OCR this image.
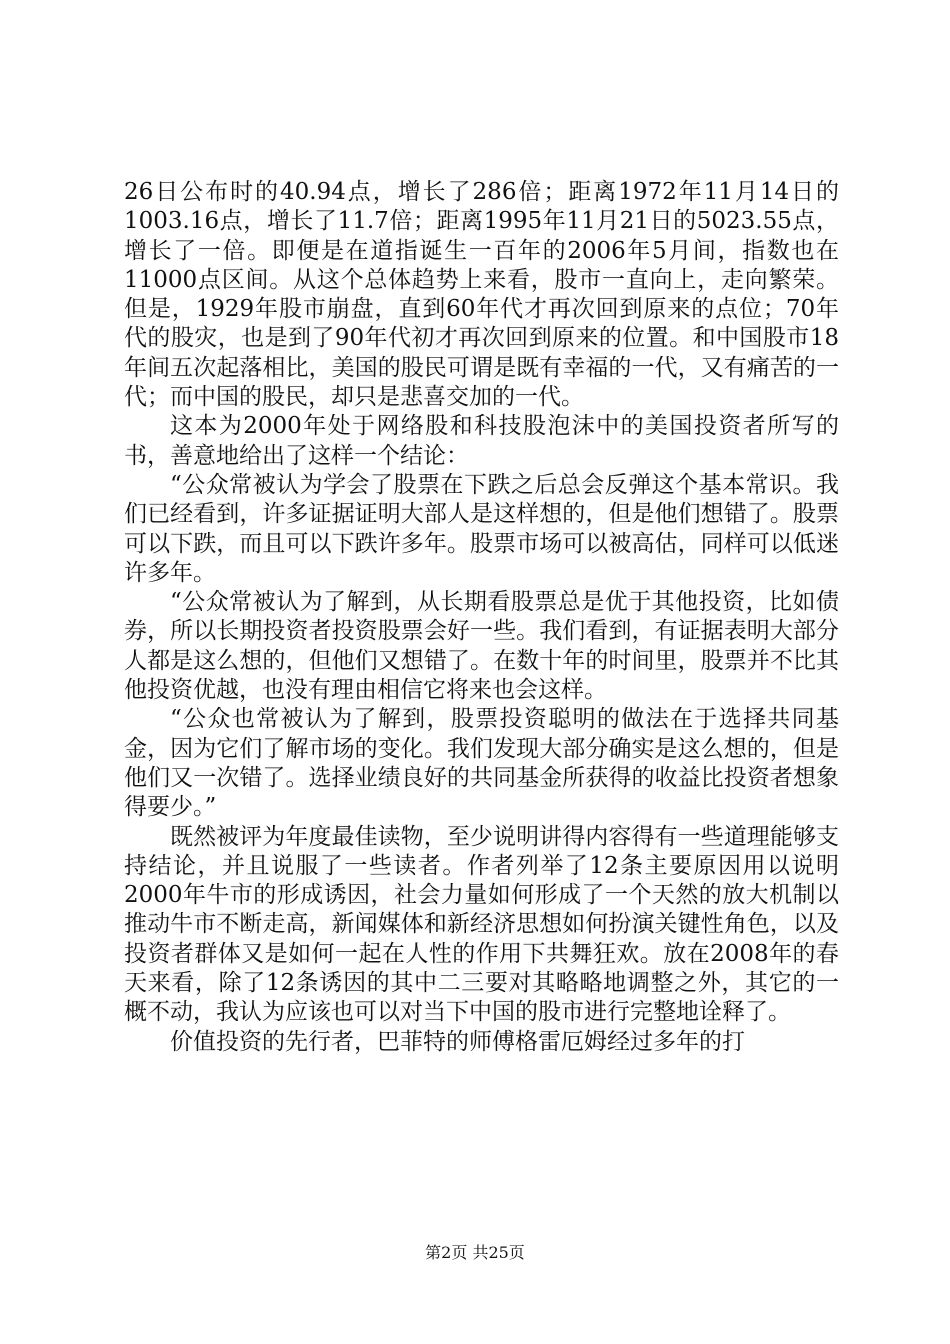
26日公布时的40.94点，增长了286倍；距离1972年11月14日的1003.16点，增长了11.7倍；距离1995年11月21日的5023.55点，增长了一倍。即便是在道指诞生一百年的2006年5月间，指数也在11000点区间。从这个总体趋势上来看，股市一直向上，走向繁荣。但是，1929年股市崩盘，直到60年代才再次回到原来的点位；70年代的股灾，也是到了90年代初才再次回到原来的位置。和中国股市18年间五次起落相比，美国的股民可谓是既有幸福的一代，又有痛苦的一代；而中国的股民，却只是悲喜交加的一代。

这本为2000年处于网络股和科技股泡沫中的美国投资者所写的书，善意地给出了这样一个结论：

“公众常被认为学会了股票在下跌之后总会反弹这个基本常识。我们已经看到，许多证据证明大部人是这样想的，但是他们想错了。股票可以下跌，而且可以下跌许多年。股票市场可以被高估，同样可以低迷许多年。

“公众常被认为了解到，从长期看股票总是优于其他投资，比如债券，所以长期投资者投资股票会好一些。我们看到，有证据表明大部分人都是这么想的，但他们又想错了。在数十年的时间里，股票并不比其他投资优越，也没有理由相信它将来也会这样。

“公众也常被认为了解到，股票投资聪明的做法在于选择共同基金，因为它们了解市场的变化。我们发现大部分确实是这么想的，但是他们又一次错了。选择业绩良好的共同基金所获得的收益比投资者想象得要少。”

既然被评为年度最佳读物，至少说明讲得内容得有一些道理能够支持结论，并且说服了一些读者。作者列举了12条主要原因用以说明2000年牛市的形成诱因，社会力量如何形成了一个天然的放大机制以推动牛市不断走高，新闻媒体和新经济思想如何扮演关键性角色，以及投资者群体又是如何一起在人性的作用下共舞狂欢。放在2008年的春天来看，除了12条诱因的其中二三要对其略略地调整之外，其它的一概不动，我认为应该也可以对当下中国的股市进行完整地诠释了。

价值投资的先行者，巴菲特的师傅格雷厄姆经过多年的打

第2页 共25页
